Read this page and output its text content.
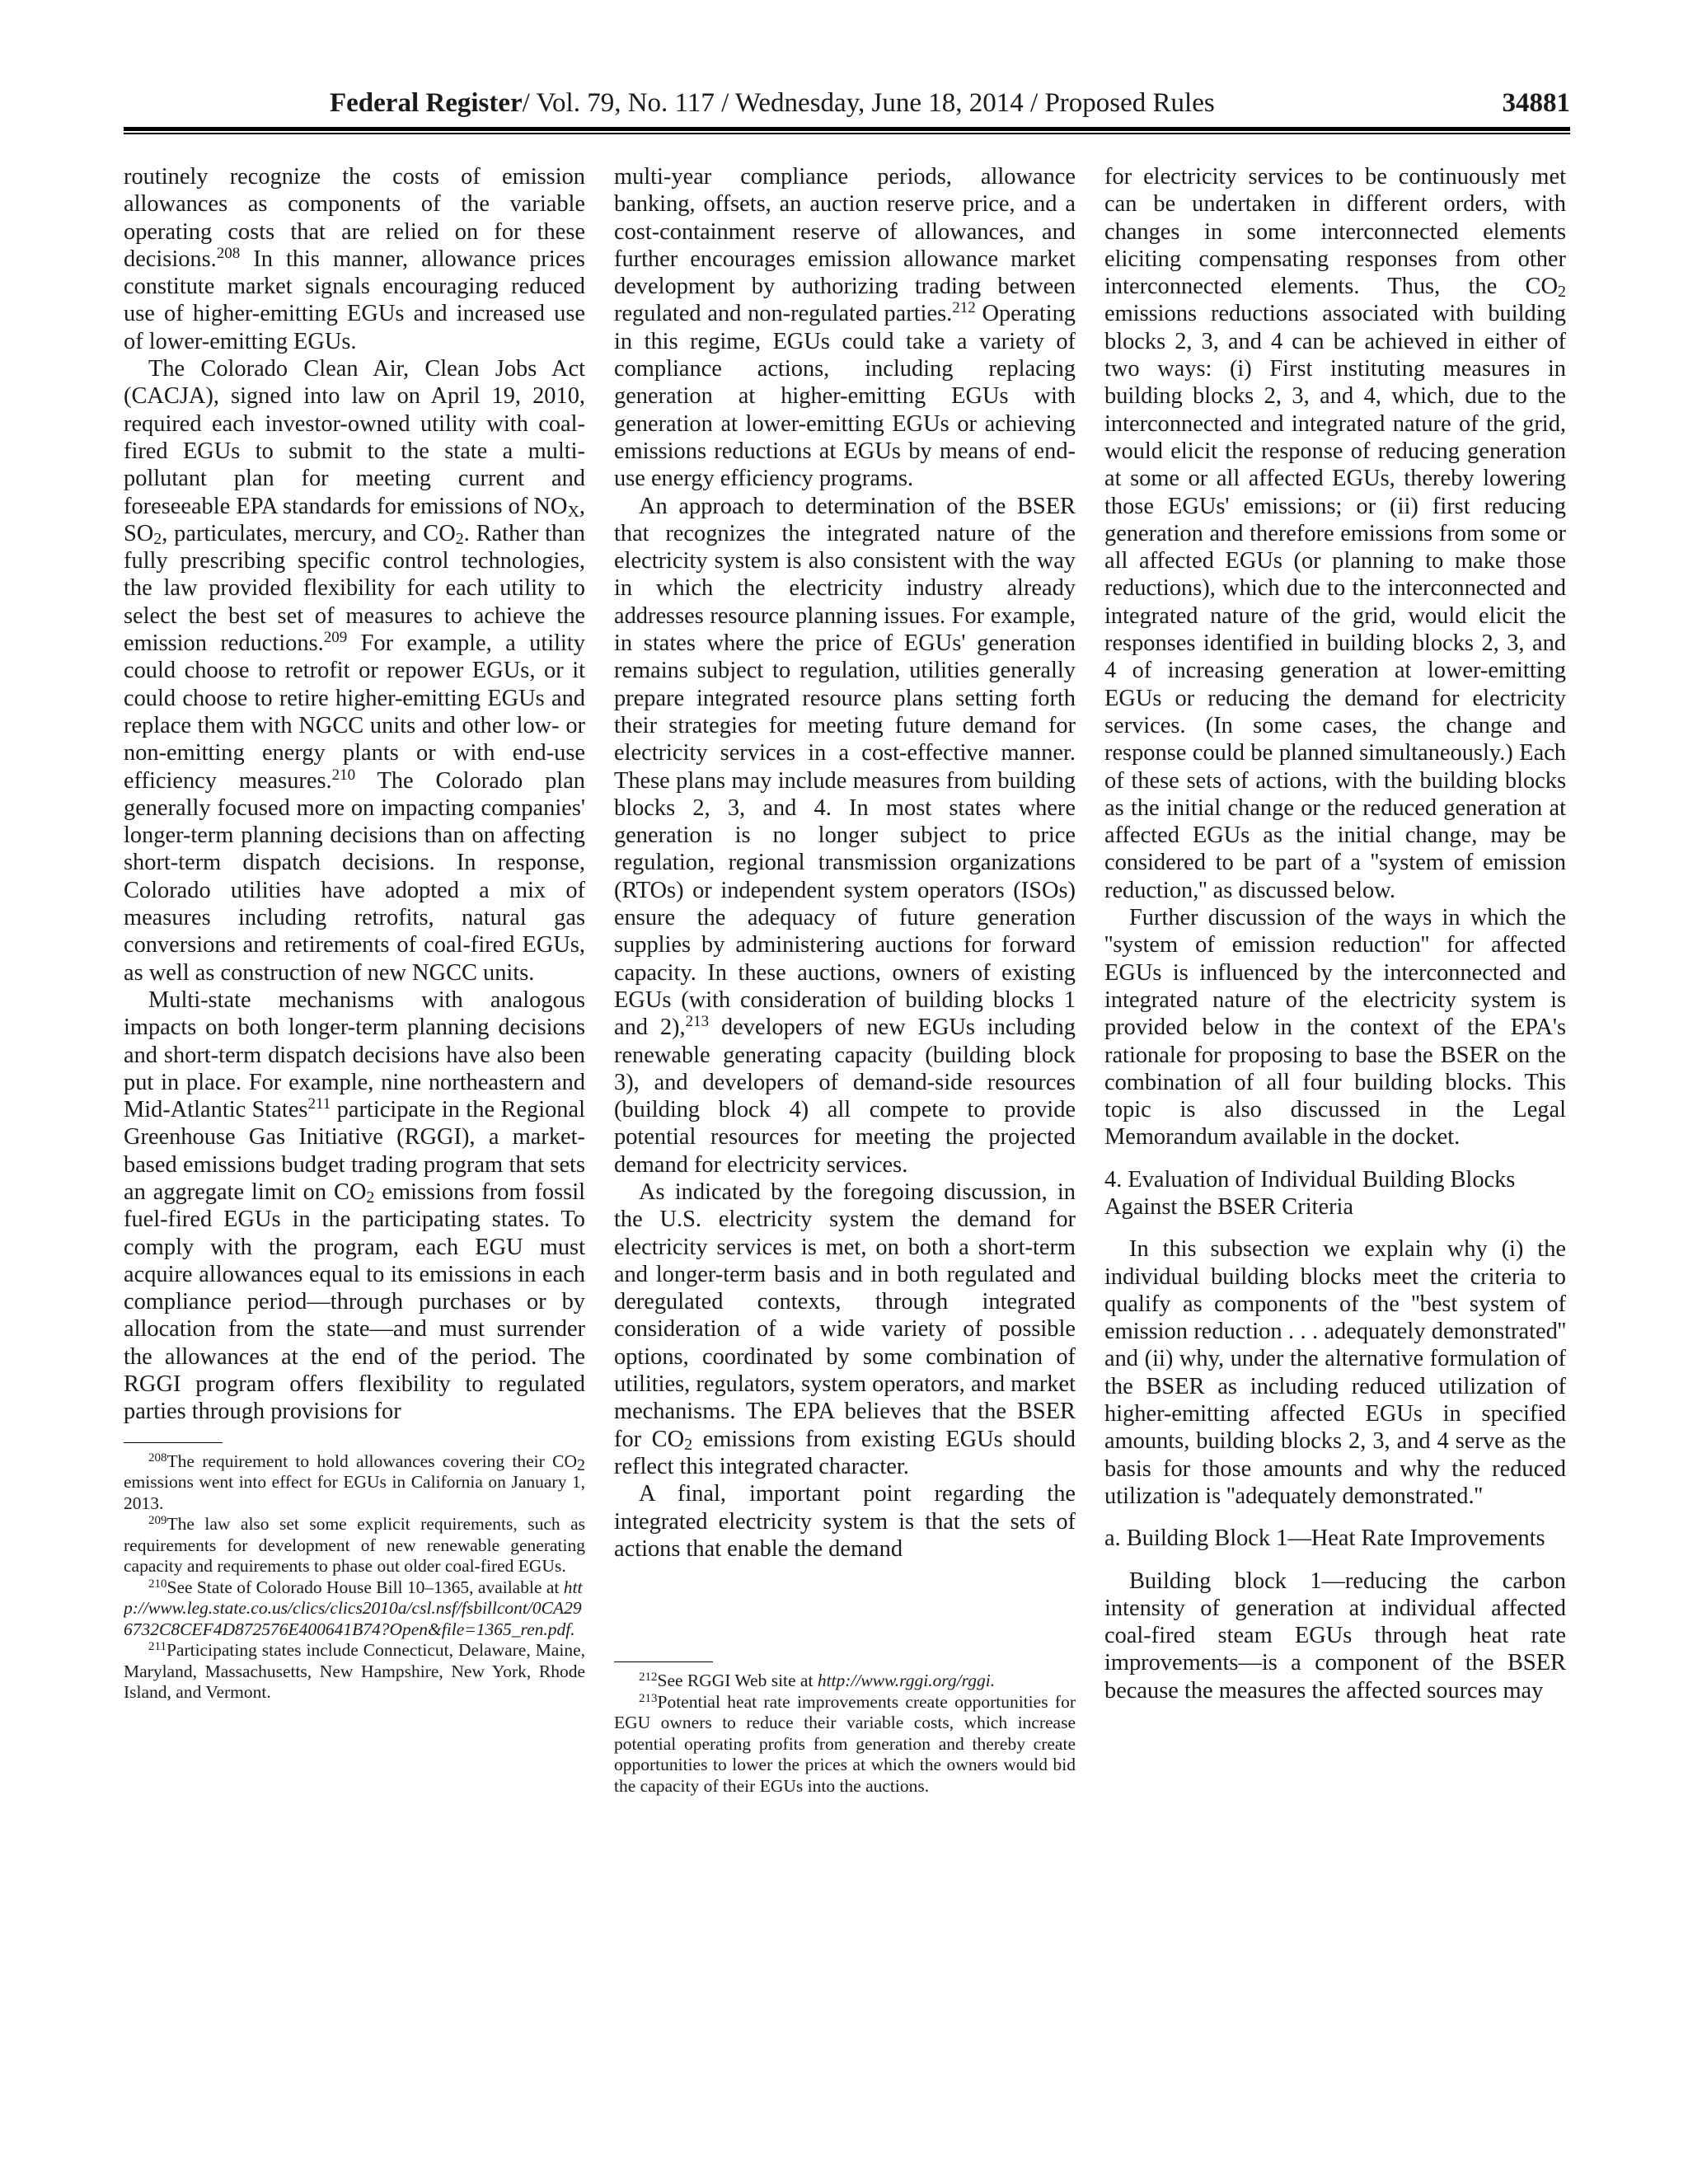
Federal Register/ Vol. 79, No. 117 / Wednesday, June 18, 2014 / Proposed Rules	34881

routinely recognize the costs of emission allowances as components of the variable operating costs that are relied on for these decisions.$^{208}$ In this manner, allowance prices constitute market signals encouraging reduced use of higher-emitting EGUs and increased use of lower-emitting EGUs.

The Colorado Clean Air, Clean Jobs Act (CACJA), signed into law on April 19, 2010, required each investor-owned utility with coal-fired EGUs to submit to the state a multi-pollutant plan for meeting current and foreseeable EPA standards for emissions of $NO_X$, $SO_2$, particulates, mercury, and $CO_2$. Rather than fully prescribing specific control technologies, the law provided flexibility for each utility to select the best set of measures to achieve the emission reductions.$^{209}$ For example, a utility could choose to retrofit or repower EGUs, or it could choose to retire higher-emitting EGUs and replace them with NGCC units and other low- or non-emitting energy plants or with end-use efficiency measures.$^{210}$ The Colorado plan generally focused more on impacting companies' longer-term planning decisions than on affecting short-term dispatch decisions. In response, Colorado utilities have adopted a mix of measures including retrofits, natural gas conversions and retirements of coal-fired EGUs, as well as construction of new NGCC units.

Multi-state mechanisms with analogous impacts on both longer-term planning decisions and short-term dispatch decisions have also been put in place. For example, nine northeastern and Mid-Atlantic States$^{211}$ participate in the Regional Greenhouse Gas Initiative (RGGI), a market-based emissions budget trading program that sets an aggregate limit on $CO_2$ emissions from fossil fuel-fired EGUs in the participating states. To comply with the program, each EGU must acquire allowances equal to its emissions in each compliance period—through purchases or by allocation from the state—and must surrender the allowances at the end of the period. The RGGI program offers flexibility to regulated parties through provisions for

$^{208}$The requirement to hold allowances covering their $CO_2$ emissions went into effect for EGUs in California on January 1, 2013.

$^{209}$The law also set some explicit requirements, such as requirements for development of new renewable generating capacity and requirements to phase out older coal-fired EGUs.

$^{210}$See State of Colorado House Bill 10–1365, available at http://www.leg.state.co.us/clics/clics2010a/csl.nsf/fsbillcont/0CA296732C8CEF4D872576E400641B74?Open&file=1365_ren.pdf.

$^{211}$Participating states include Connecticut, Delaware, Maine, Maryland, Massachusetts, New Hampshire, New York, Rhode Island, and Vermont.

multi-year compliance periods, allowance banking, offsets, an auction reserve price, and a cost-containment reserve of allowances, and further encourages emission allowance market development by authorizing trading between regulated and non-regulated parties.$^{212}$ Operating in this regime, EGUs could take a variety of compliance actions, including replacing generation at higher-emitting EGUs with generation at lower-emitting EGUs or achieving emissions reductions at EGUs by means of end-use energy efficiency programs.

An approach to determination of the BSER that recognizes the integrated nature of the electricity system is also consistent with the way in which the electricity industry already addresses resource planning issues. For example, in states where the price of EGUs' generation remains subject to regulation, utilities generally prepare integrated resource plans setting forth their strategies for meeting future demand for electricity services in a cost-effective manner. These plans may include measures from building blocks 2, 3, and 4. In most states where generation is no longer subject to price regulation, regional transmission organizations (RTOs) or independent system operators (ISOs) ensure the adequacy of future generation supplies by administering auctions for forward capacity. In these auctions, owners of existing EGUs (with consideration of building blocks 1 and 2),$^{213}$ developers of new EGUs including renewable generating capacity (building block 3), and developers of demand-side resources (building block 4) all compete to provide potential resources for meeting the projected demand for electricity services.

As indicated by the foregoing discussion, in the U.S. electricity system the demand for electricity services is met, on both a short-term and longer-term basis and in both regulated and deregulated contexts, through integrated consideration of a wide variety of possible options, coordinated by some combination of utilities, regulators, system operators, and market mechanisms. The EPA believes that the BSER for $CO_2$ emissions from existing EGUs should reflect this integrated character.

A final, important point regarding the integrated electricity system is that the sets of actions that enable the demand

$^{212}$See RGGI Web site at http://www.rggi.org/rggi.

$^{213}$Potential heat rate improvements create opportunities for EGU owners to reduce their variable costs, which increase potential operating profits from generation and thereby create opportunities to lower the prices at which the owners would bid the capacity of their EGUs into the auctions.

for electricity services to be continuously met can be undertaken in different orders, with changes in some interconnected elements eliciting compensating responses from other interconnected elements. Thus, the $CO_2$ emissions reductions associated with building blocks 2, 3, and 4 can be achieved in either of two ways: (i) First instituting measures in building blocks 2, 3, and 4, which, due to the interconnected and integrated nature of the grid, would elicit the response of reducing generation at some or all affected EGUs, thereby lowering those EGUs' emissions; or (ii) first reducing generation and therefore emissions from some or all affected EGUs (or planning to make those reductions), which due to the interconnected and integrated nature of the grid, would elicit the responses identified in building blocks 2, 3, and 4 of increasing generation at lower-emitting EGUs or reducing the demand for electricity services. (In some cases, the change and response could be planned simultaneously.) Each of these sets of actions, with the building blocks as the initial change or the reduced generation at affected EGUs as the initial change, may be considered to be part of a ''system of emission reduction,'' as discussed below.

Further discussion of the ways in which the ''system of emission reduction'' for affected EGUs is influenced by the interconnected and integrated nature of the electricity system is provided below in the context of the EPA's rationale for proposing to base the BSER on the combination of all four building blocks. This topic is also discussed in the Legal Memorandum available in the docket.

4. Evaluation of Individual Building Blocks Against the BSER Criteria

In this subsection we explain why (i) the individual building blocks meet the criteria to qualify as components of the ''best system of emission reduction . . . adequately demonstrated'' and (ii) why, under the alternative formulation of the BSER as including reduced utilization of higher-emitting affected EGUs in specified amounts, building blocks 2, 3, and 4 serve as the basis for those amounts and why the reduced utilization is ''adequately demonstrated.''

a. Building Block 1—Heat Rate Improvements

Building block 1—reducing the carbon intensity of generation at individual affected coal-fired steam EGUs through heat rate improvements—is a component of the BSER because the measures the affected sources may
